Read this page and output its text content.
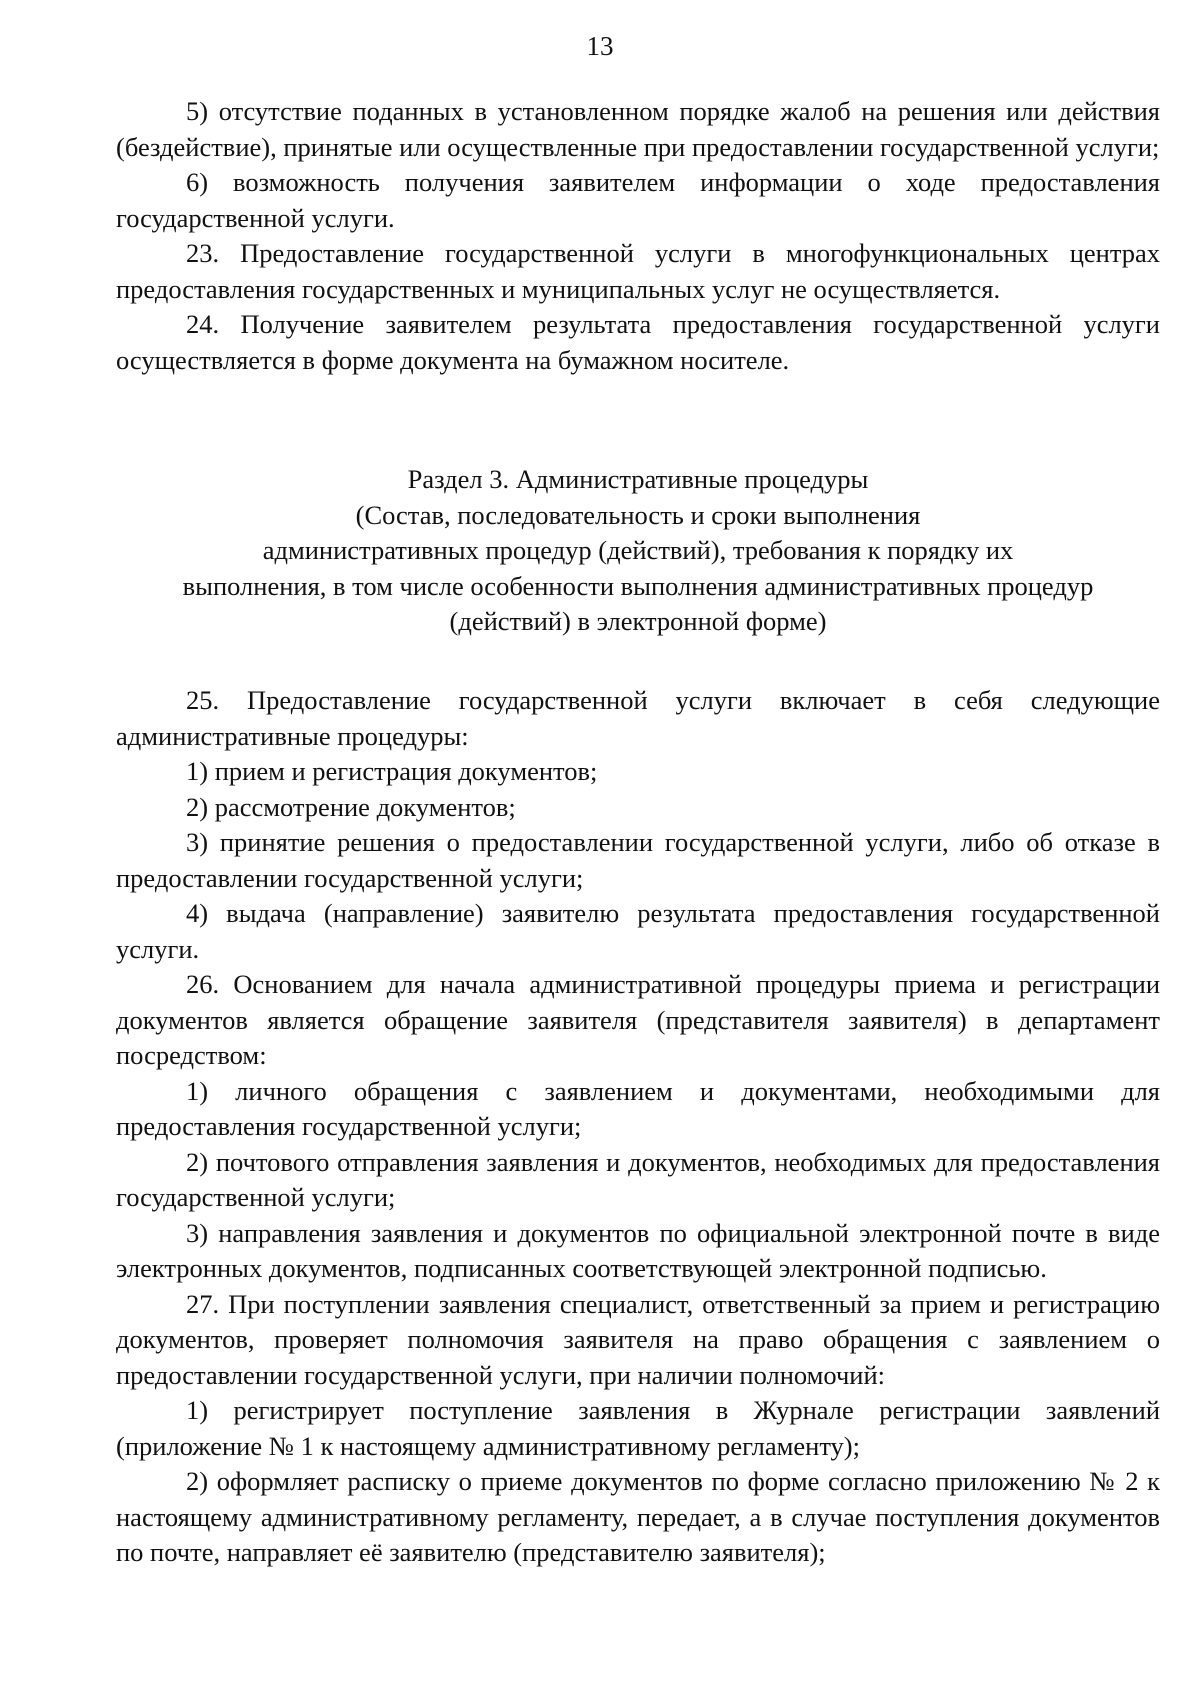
13

5) отсутствие поданных в установленном порядке жалоб на решения или действия (бездействие), принятые или осуществленные при предоставлении государственной услуги;

6) возможность получения заявителем информации о ходе предоставления государственной услуги.

23. Предоставление государственной услуги в многофункциональных центрах предоставления государственных и муниципальных услуг не осуществляется.

24. Получение заявителем результата предоставления государственной услуги осуществляется в форме документа на бумажном носителе.

Раздел 3. Административные процедуры
(Состав, последовательность и сроки выполнения
административных процедур (действий), требования к порядку их
выполнения, в том числе особенности выполнения административных процедур
(действий) в электронной форме)

25. Предоставление государственной услуги включает в себя следующие административные процедуры:

1) прием и регистрация документов;

2) рассмотрение документов;

3) принятие решения о предоставлении государственной услуги, либо об отказе в предоставлении государственной услуги;

4) выдача (направление) заявителю результата предоставления государственной услуги.

26. Основанием для начала административной процедуры приема и регистрации документов является обращение заявителя (представителя заявителя) в департамент посредством:

1) личного обращения с заявлением и документами, необходимыми для предоставления государственной услуги;

2) почтового отправления заявления и документов, необходимых для предоставления государственной услуги;

3) направления заявления и документов по официальной электронной почте в виде электронных документов, подписанных соответствующей электронной подписью.

27. При поступлении заявления специалист, ответственный за прием и регистрацию документов, проверяет полномочия заявителя на право обращения с заявлением о предоставлении государственной услуги, при наличии полномочий:

1) регистрирует поступление заявления в Журнале регистрации заявлений (приложение № 1 к настоящему административному регламенту);

2) оформляет расписку о приеме документов по форме согласно приложению № 2 к настоящему административному регламенту, передает, а в случае поступления документов по почте, направляет её заявителю (представителю заявителя);
